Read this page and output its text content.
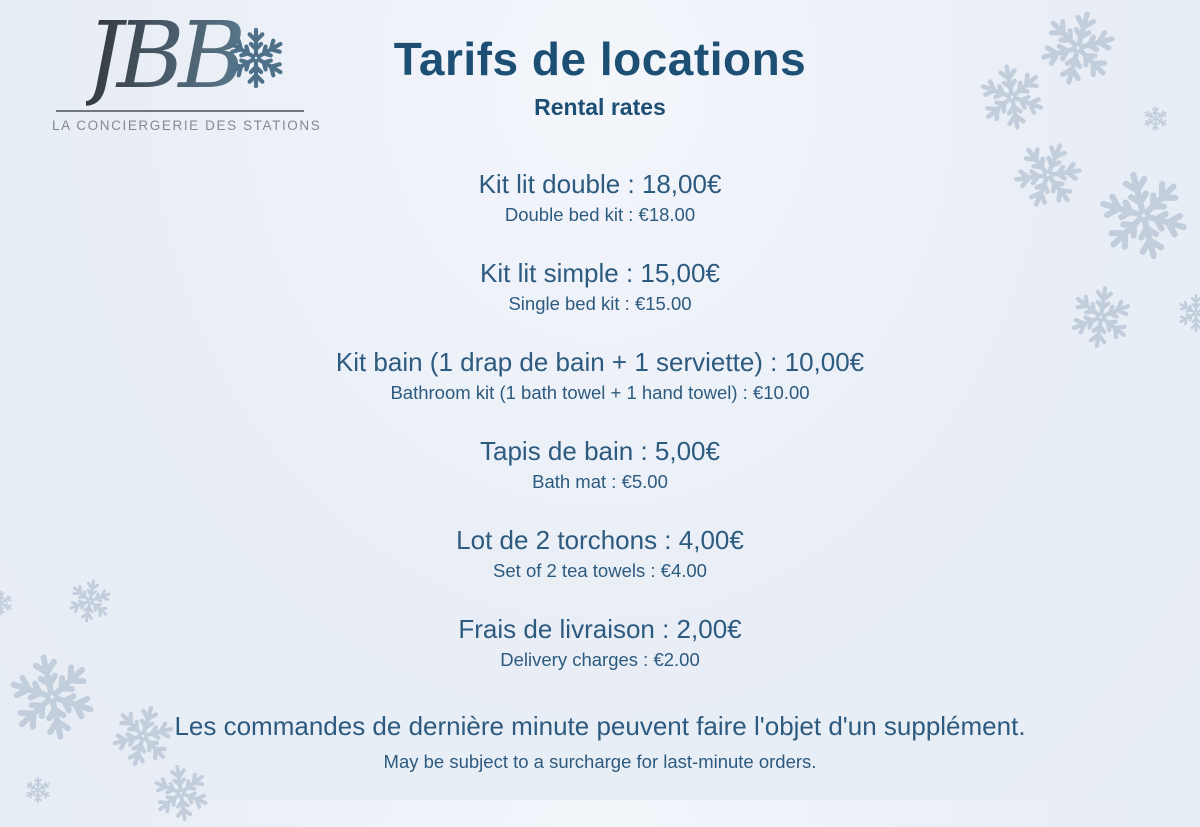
JBB
LA CONCIERGERIE DES STATIONS
Tarifs de locations
Rental rates
Kit lit double : 18,00€
Double bed kit : €18.00
Kit lit simple : 15,00€
Single bed kit : €15.00
Kit bain (1 drap de bain + 1 serviette) : 10,00€
Bathroom kit (1 bath towel + 1 hand towel) : €10.00
Tapis de bain : 5,00€
Bath mat : €5.00
Lot de 2 torchons : 4,00€
Set of 2 tea towels : €4.00
Frais de livraison : 2,00€
Delivery charges : €2.00
Les commandes de dernière minute peuvent faire l'objet d'un supplément.
May be subject to a surcharge for last-minute orders.
